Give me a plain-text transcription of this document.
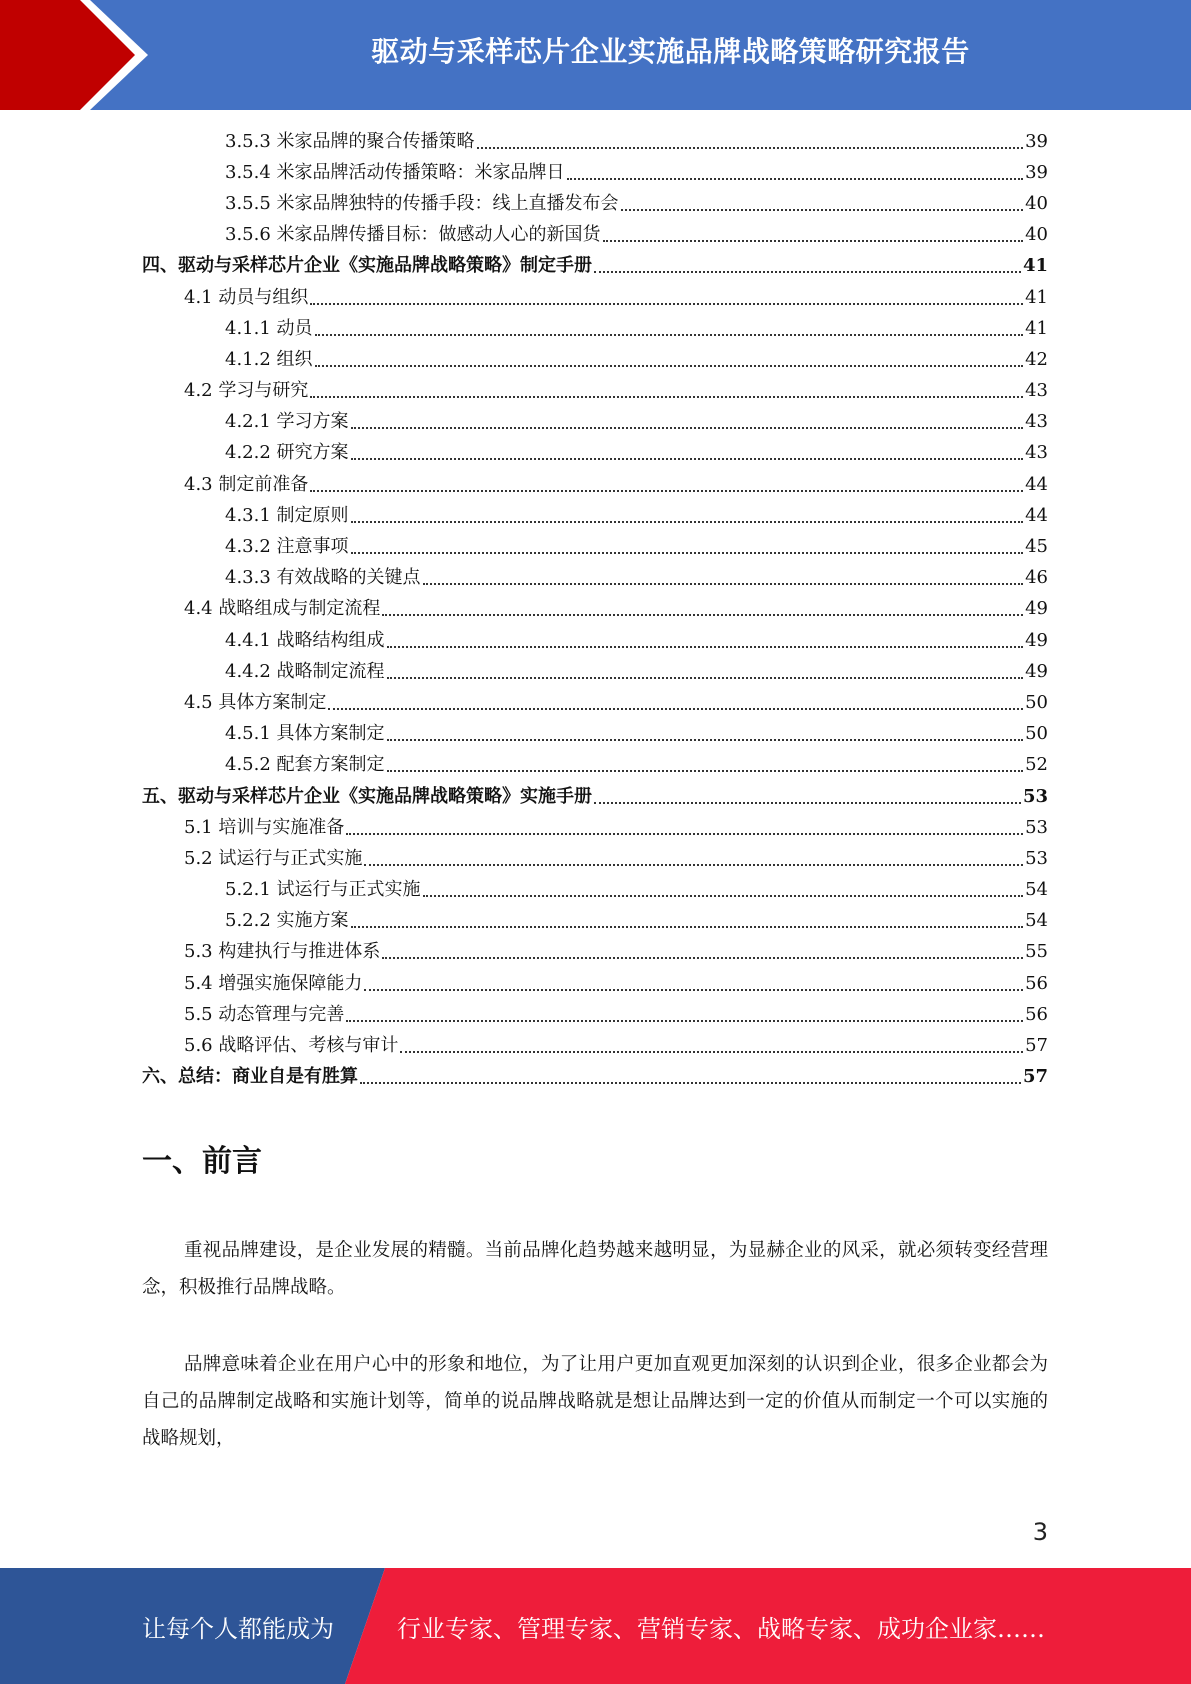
驱动与采样芯片企业实施品牌战略策略研究报告
3.5.3 米家品牌的聚合传播策略	39
3.5.4 米家品牌活动传播策略：米家品牌日	39
3.5.5 米家品牌独特的传播手段：线上直播发布会	40
3.5.6 米家品牌传播目标：做感动人心的新国货	40
四、驱动与采样芯片企业《实施品牌战略策略》制定手册	41
4.1 动员与组织	41
4.1.1 动员	41
4.1.2 组织	42
4.2 学习与研究	43
4.2.1 学习方案	43
4.2.2 研究方案	43
4.3 制定前准备	44
4.3.1 制定原则	44
4.3.2 注意事项	45
4.3.3 有效战略的关键点	46
4.4 战略组成与制定流程	49
4.4.1 战略结构组成	49
4.4.2 战略制定流程	49
4.5 具体方案制定	50
4.5.1 具体方案制定	50
4.5.2 配套方案制定	52
五、驱动与采样芯片企业《实施品牌战略策略》实施手册	53
5.1 培训与实施准备	53
5.2 试运行与正式实施	53
5.2.1 试运行与正式实施	54
5.2.2 实施方案	54
5.3 构建执行与推进体系	55
5.4 增强实施保障能力	56
5.5 动态管理与完善	56
5.6 战略评估、考核与审计	57
六、总结：商业自是有胜算	57
一、前言
重视品牌建设，是企业发展的精髓。当前品牌化趋势越来越明显，为显赫企业的风采，就必须转变经营理念，积极推行品牌战略。
品牌意味着企业在用户心中的形象和地位，为了让用户更加直观更加深刻的认识到企业，很多企业都会为自己的品牌制定战略和实施计划等，简单的说品牌战略就是想让品牌达到一定的价值从而制定一个可以实施的战略规划，
3
让每个人都能成为	行业专家、管理专家、营销专家、战略专家、成功企业家……
